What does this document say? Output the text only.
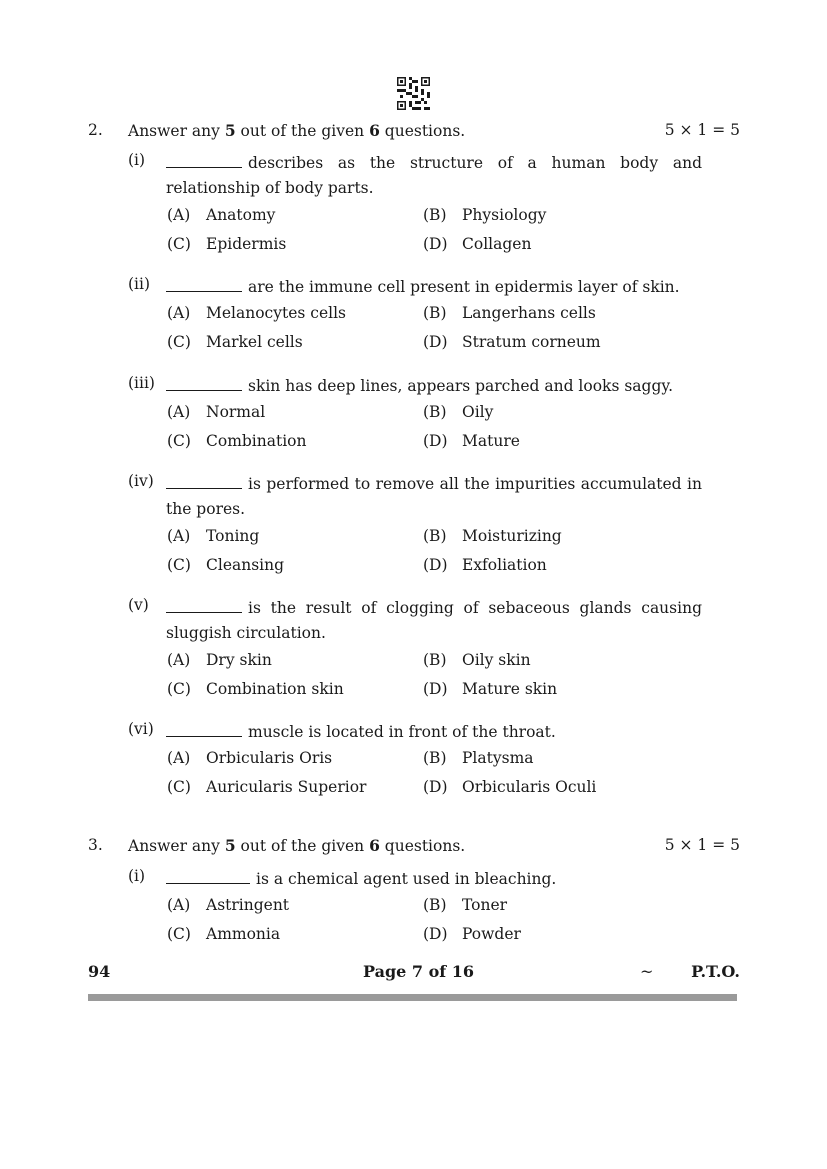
2. Answer any 5 out of the given 6 questions.	5 × 1 = 5
(i)	describes as the structure of a human body and relationship of body parts.
(A) Anatomy	(B) Physiology
(C) Epidermis	(D) Collagen
(ii)	are the immune cell present in epidermis layer of skin.
(A) Melanocytes cells	(B) Langerhans cells
(C) Markel cells	(D) Stratum corneum
(iii)	skin has deep lines, appears parched and looks saggy.
(A) Normal	(B) Oily
(C) Combination	(D) Mature
(iv)	is performed to remove all the impurities accumulated in the pores.
(A) Toning	(B) Moisturizing
(C) Cleansing	(D) Exfoliation
(v)	is the result of clogging of sebaceous glands causing sluggish circulation.
(A) Dry skin	(B) Oily skin
(C) Combination skin	(D) Mature skin
(vi)	muscle is located in front of the throat.
(A) Orbicularis Oris	(B) Platysma
(C) Auricularis Superior	(D) Orbicularis Oculi
3. Answer any 5 out of the given 6 questions.	5 × 1 = 5
(i)	is a chemical agent used in bleaching.
(A) Astringent	(B) Toner
(C) Ammonia	(D) Powder
94	Page 7 of 16	~ P.T.O.
